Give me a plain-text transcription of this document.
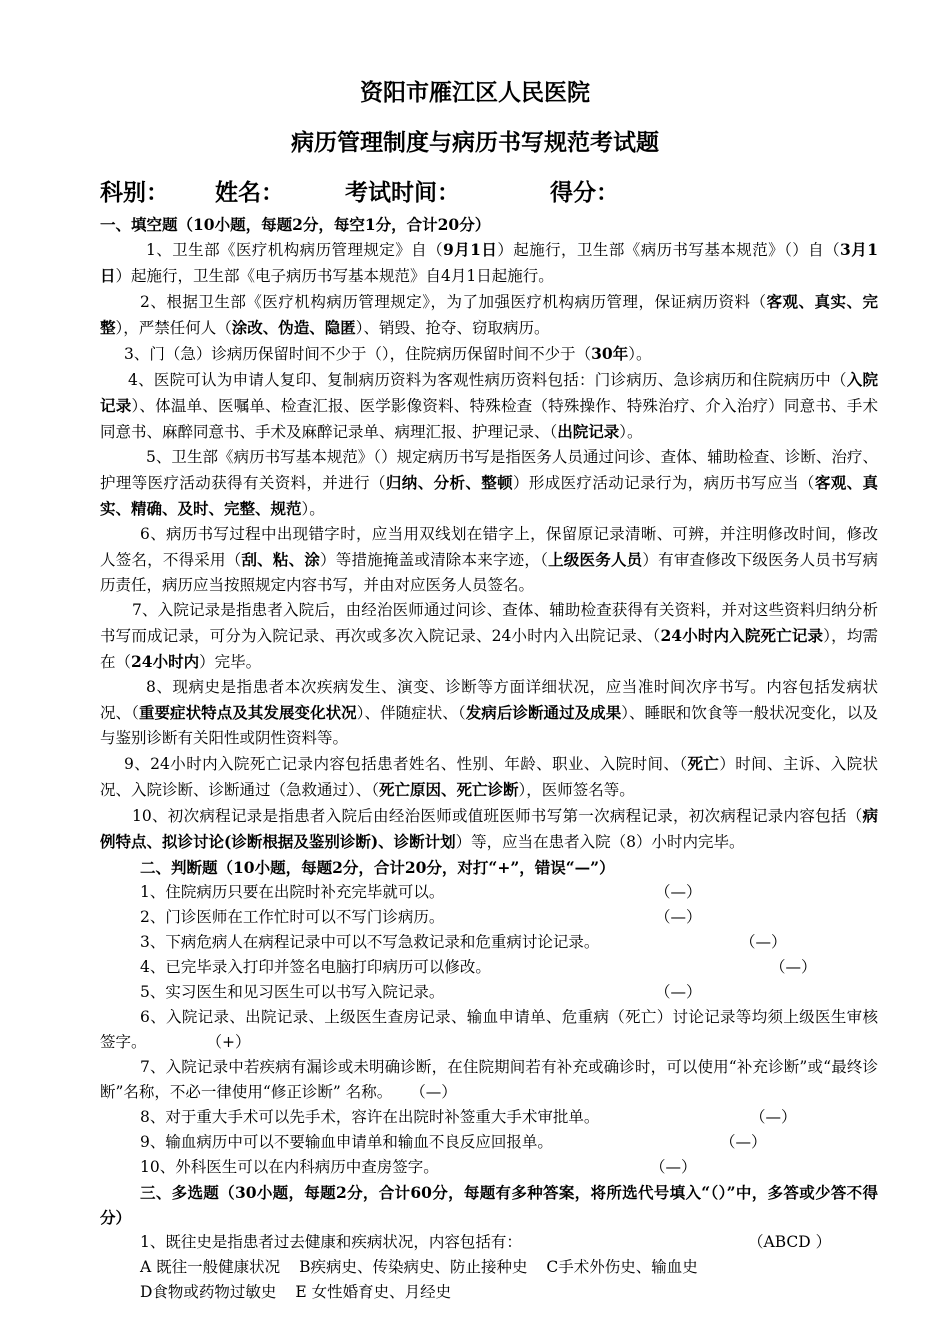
资阳市雁江区人民医院
病历管理制度与病历书写规范考试题
科别： 姓名：	考试时间：	得分：

一、填空题（10小题，每题2分，每空1分，合计20分）

1、卫生部《医疗机构病历管理规定》自（9月1日）起施行，卫生部《病历书写基本规范》（）自（3月1日）起施行，卫生部《电子病历书写基本规范》自4月1日起施行。

2、根据卫生部《医疗机构病历管理规定》，为了加强医疗机构病历管理，保证病历资料（客观、真实、完整），严禁任何人（涂改、伪造、隐匿）、销毁、抢夺、窃取病历。

3、门（急）诊病历保留时间不少于（），住院病历保留时间不少于（30年）。

4、医院可认为申请人复印、复制病历资料为客观性病历资料包括：门诊病历、急诊病历和住院病历中（入院记录）、体温单、医嘱单、检查汇报、医学影像资料、特殊检查（特殊操作、特殊治疗、介入治疗）同意书、手术同意书、麻醉同意书、手术及麻醉记录单、病理汇报、护理记录、（出院记录）。

5、卫生部《病历书写基本规范》（）规定病历书写是指医务人员通过问诊、查体、辅助检查、诊断、治疗、护理等医疗活动获得有关资料，并进行（归纳、分析、整顿）形成医疗活动记录行为，病历书写应当（客观、真实、精确、及时、完整、规范）。

6、病历书写过程中出现错字时，应当用双线划在错字上，保留原记录清晰、可辨，并注明修改时间，修改人签名，不得采用（刮、粘、涂）等措施掩盖或清除本来字迹，（上级医务人员）有审查修改下级医务人员书写病历责任，病历应当按照规定内容书写，并由对应医务人员签名。

7、入院记录是指患者入院后，由经治医师通过问诊、查体、辅助检查获得有关资料，并对这些资料归纳分析书写而成记录，可分为入院记录、再次或多次入院记录、24小时内入出院记录、（24小时内入院死亡记录），均需在（24小时内）完毕。

8、现病史是指患者本次疾病发生、演变、诊断等方面详细状况，应当准时间次序书写。内容包括发病状况、（重要症状特点及其发展变化状况）、伴随症状、（发病后诊断通过及成果）、睡眠和饮食等一般状况变化，以及与鉴别诊断有关阳性或阴性资料等。

9、24小时内入院死亡记录内容包括患者姓名、性别、年龄、职业、入院时间、（死亡）时间、主诉、入院状况、入院诊断、诊断通过（急救通过）、（死亡原因、死亡诊断），医师签名等。

10、初次病程记录是指患者入院后由经治医师或值班医师书写第一次病程记录，初次病程记录内容包括（病例特点、拟诊讨论(诊断根据及鉴别诊断)、诊断计划）等，应当在患者入院（8）小时内完毕。

二、判断题（10小题，每题2分，合计20分，对打“+”，错误“—”）

1、住院病历只要在出院时补充完毕就可以。	（—）
2、门诊医师在工作忙时可以不写门诊病历。	（—）
3、下病危病人在病程记录中可以不写急救记录和危重病讨论记录。	（—）
4、已完毕录入打印并签名电脑打印病历可以修改。	（—）
5、实习医生和见习医生可以书写入院记录。	（—）

6、入院记录、出院记录、上级医生查房记录、输血申请单、危重病（死亡）讨论记录等均须上级医生审核签字。	（+）

7、入院记录中若疾病有漏诊或未明确诊断，在住院期间若有补充或确诊时，可以使用“补充诊断”或“最终诊断”名称，不必一律使用“修正诊断” 名称。 （—）

8、对于重大手术可以先手术，容许在出院时补签重大手术审批单。	（—）
9、输血病历中可以不要输血申请单和输血不良反应回报单。	（—）
10、外科医生可以在内科病历中查房签字。	（—）

三、多选题（30小题，每题2分，合计60分，每题有多种答案，将所选代号填入“（）”中，多答或少答不得分）

1、既往史是指患者过去健康和疾病状况，内容包括有：	（ABCD ）
A 既往一般健康状况 B疾病史、传染病史、防止接种史 C手术外伤史、输血史
D食物或药物过敏史 E 女性婚育史、月经史
